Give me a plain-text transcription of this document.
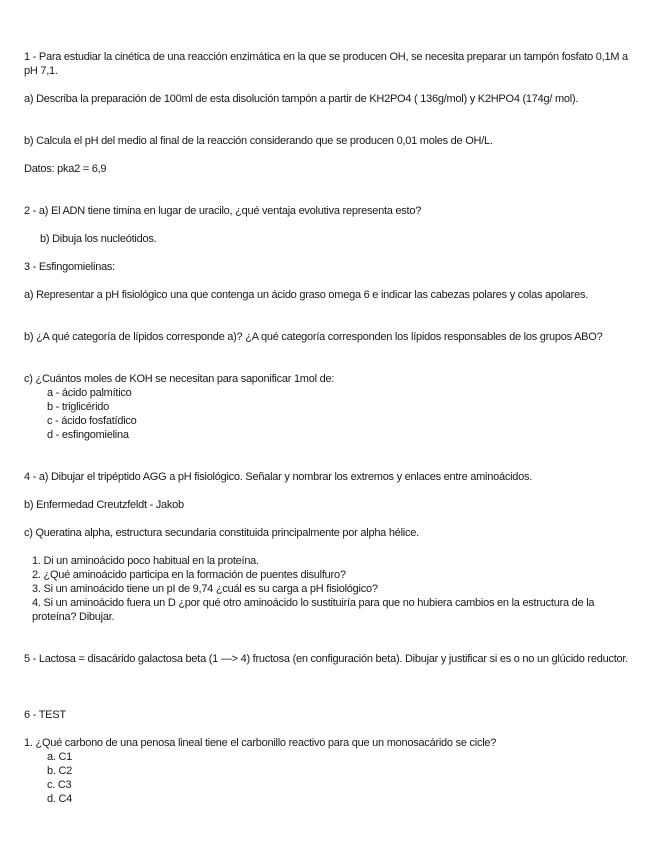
1 - Para estudiar la cinética de una reacción enzimática en la que se producen OH, se necesita preparar un tampón fosfato 0,1M a pH 7,1.
a) Describa la preparación de 100ml de esta disolución tampón a partir de KH2PO4 ( 136g/mol) y K2HPO4 (174g/ mol).
b) Calcula el pH del medio al final de la reacción considerando que se producen 0,01 moles de OH/L.
Datos: pka2 = 6,9
2 - a) El ADN tiene timina en lugar de uracilo, ¿qué ventaja evolutiva representa esto?
b) Dibuja los nucleótidos.
3 - Esfingomielinas:
a) Representar a pH fisiológico una que contenga un ácido graso omega 6 e indicar las cabezas polares y colas apolares.
b) ¿A qué categoría de lípidos corresponde a)? ¿A qué categoría corresponden los lípidos responsables de los grupos ABO?
c) ¿Cuántos moles de KOH se necesitan para saponificar 1mol de:
a - ácido palmítico
b - triglicérido
c - ácido fosfatídico
d - esfingomielina
4 - a) Dibujar el tripéptido AGG a pH fisiológico. Señalar y nombrar los extremos y enlaces entre aminoácidos.
b) Enfermedad Creutzfeldt - Jakob
c) Queratina alpha, estructura secundaria constituida principalmente por alpha hélice.
1. Di un aminoácido poco habitual en la proteína.
2. ¿Qué aminoácido participa en la formación de puentes disulfuro?
3. Si un aminoácido tiene un pI de 9,74 ¿cuál es su carga a pH fisiológico?
4. Si un aminoácido fuera un D ¿por qué otro aminoácido lo sustituiría para que no hubiera cambios en la estructura de la proteína? Dibujar.
5 - Lactosa = disacárido galactosa beta (1 —> 4) fructosa (en configuración beta). Dibujar y justificar si es o no un glúcido reductor.
6 - TEST
1. ¿Qué carbono de una penosa lineal tiene el carbonillo reactivo para que un monosacárido se cicle?
a. C1
b. C2
c. C3
d. C4
